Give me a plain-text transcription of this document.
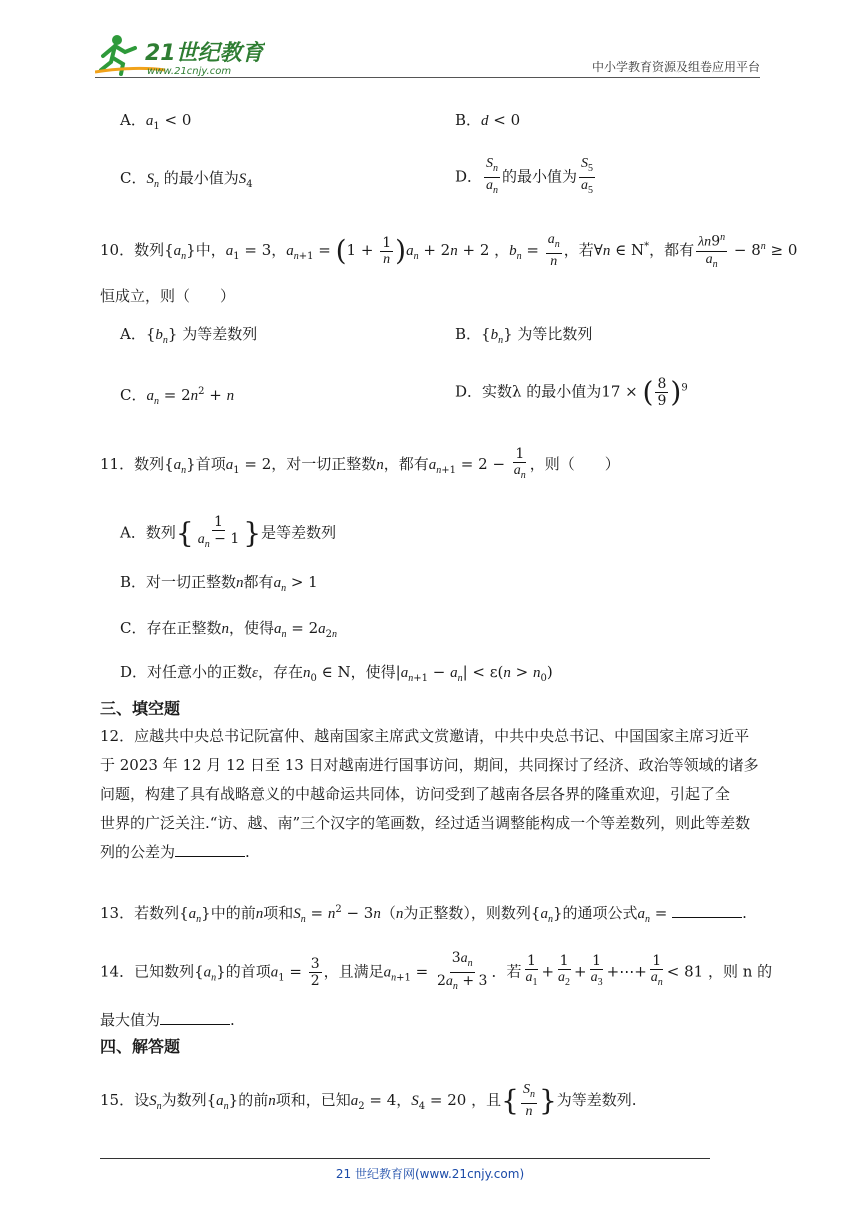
21世纪教育
www.21cnjy.com	中小学教育资源及组卷应用平台
A．$a_1 < 0$	B．d < 0
C．$S_n$ 的最小值为$S_4$	D． $\frac{S_n}{a_n}$ 的最小值为 $\frac{S_5}{a_5}$
10．数列$\{a_n\}$中，$a_1 = 3$，$a_{n+1} = (1 + \frac{1}{n} )a_n + 2n + 2$ ，$b_n = \frac{a_n}{n}$ ，若∀n ∈ N*，都有 $\frac{\lambda n9^n}{a_n} - 8^n \ge 0$
恒成立，则（　　）
A．$\{b_n\}$ 为等差数列	B．$\{b_n\}$ 为等比数列
C．$a_n = 2n^2 + n$	D．实数λ 的最小值为17 × ( $\frac{8}{9} )^9$
11．数列$\{a_n\}$首项$a_1 = 2$，对一切正整数n，都有$a_{n+1} = 2 - \frac{1}{a_n}$ ，则（　　）
A．数列{ $\frac{1}{a_n - 1}$ }是等差数列
B．对一切正整数n都有$a_n > 1$
C．存在正整数n，使得$a_n = 2a_{2n}$
D．对任意小的正数ε，存在$n_0$ ∈ N，使得$|a_{n+1} - a_n| < \varepsilon(n > n_0)$
三、填空题
12．应越共中央总书记阮富仲、越南国家主席武文赏邀请，中共中央总书记、中国国家主席习近平
于 2023 年 12 月 12 日至 13 日对越南进行国事访问，期间，共同探讨了经济、政治等领域的诸多
问题，构建了具有战略意义的中越命运共同体，访问受到了越南各层各界的隆重欢迎，引起了全
世界的广泛关注.“访、越、南”三个汉字的笔画数，经过适当调整能构成一个等差数列，则此等差数
列的公差为	.
13．若数列$\{a_n\}$中的前n项和$S_n = n^2 - 3n(n$为正整数），则数列$\{a_n\}$的通项公式$a_n$ =	.
14．已知数列$\{a_n\}$的首项$a_1 = \frac{3}{2}$ ，且满足$a_{n+1} = \frac{3a_n}{2a_n + 3}$ ．若 $\frac{1}{a_1} + \frac{1}{a_2} + \frac{1}{a_3}$ +⋯+ $\frac{1}{a_n} < 81$ ，则 n 的
最大值为	.
四、解答题
15．设$S_n$为数列$\{a_n\}$的前n项和，已知$a_2 = 4$，$S_4 = 20$ ，且{ $\frac{S_n}{n}$ }为等差数列.
21 世纪教育网(www.21cnjy.com)
